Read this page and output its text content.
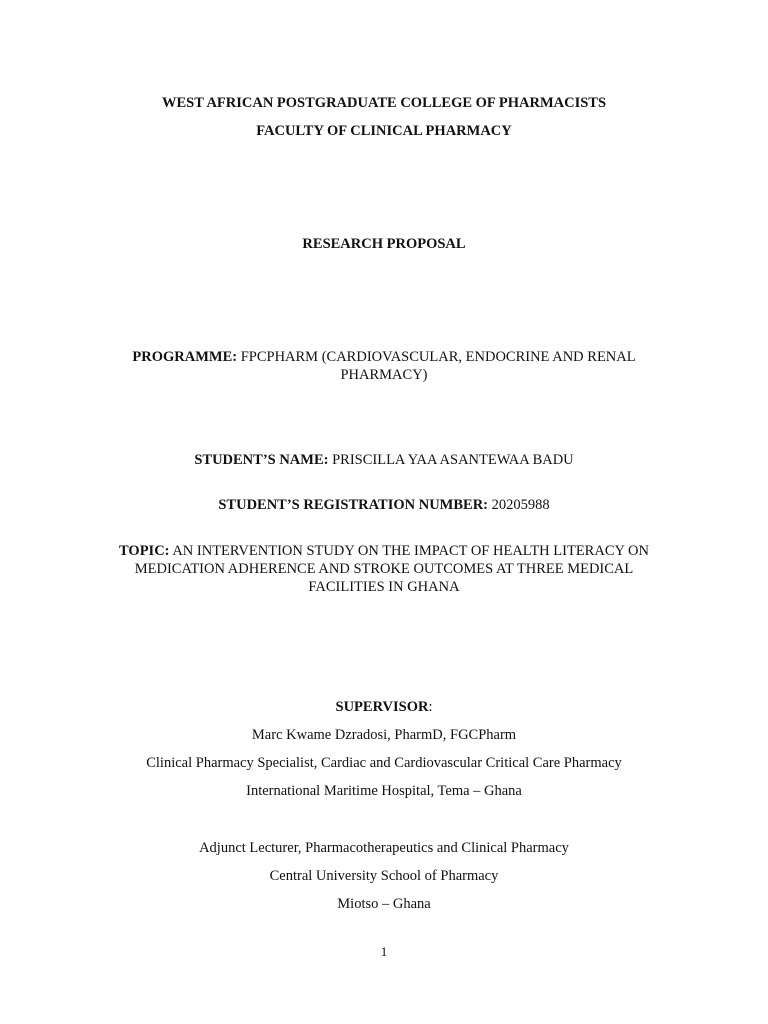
WEST AFRICAN POSTGRADUATE COLLEGE OF PHARMACISTS
FACULTY OF CLINICAL PHARMACY
RESEARCH PROPOSAL
PROGRAMME: FPCPHARM (CARDIOVASCULAR, ENDOCRINE AND RENAL PHARMACY)
STUDENT’S NAME: PRISCILLA YAA ASANTEWAA BADU
STUDENT’S REGISTRATION NUMBER: 20205988
TOPIC: AN INTERVENTION STUDY ON THE IMPACT OF HEALTH LITERACY ON MEDICATION ADHERENCE AND STROKE OUTCOMES AT THREE MEDICAL FACILITIES IN GHANA
SUPERVISOR:
Marc Kwame Dzradosi, PharmD, FGCPharm
Clinical Pharmacy Specialist, Cardiac and Cardiovascular Critical Care Pharmacy
International Maritime Hospital, Tema – Ghana
Adjunct Lecturer, Pharmacotherapeutics and Clinical Pharmacy
Central University School of Pharmacy
Miotso – Ghana
1
